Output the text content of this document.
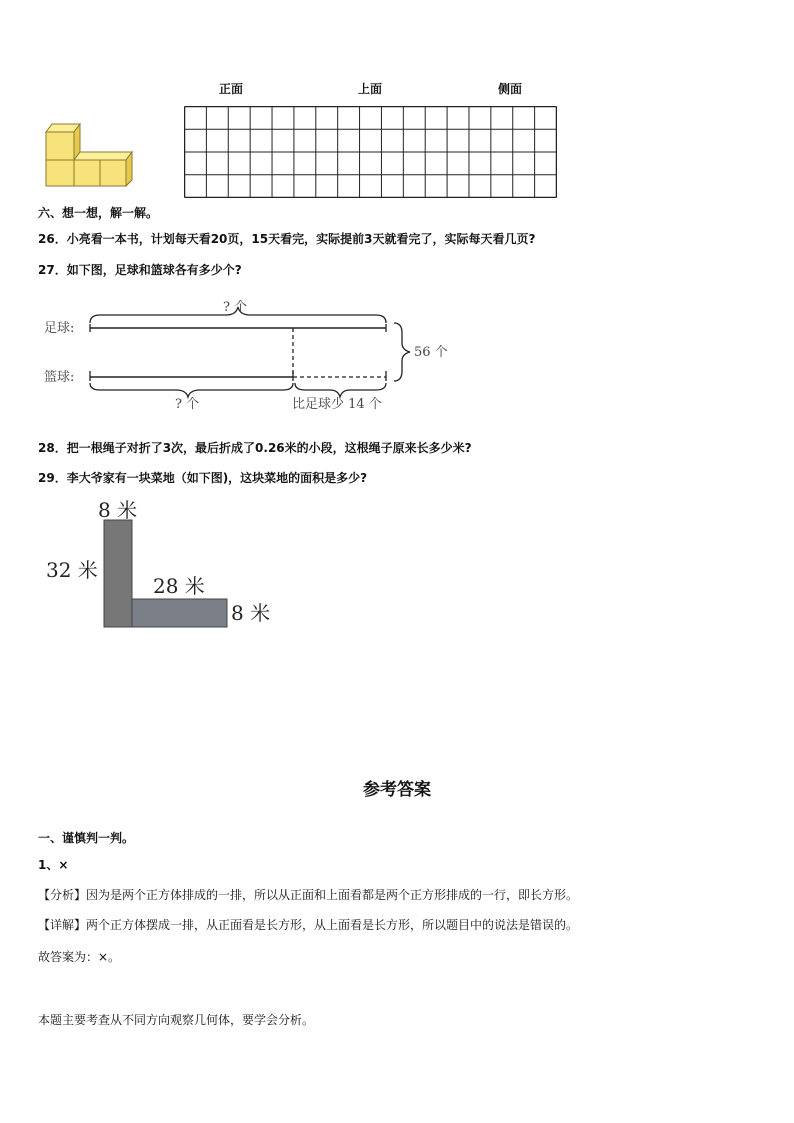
正面	上面	侧面
六、想一想，解一解。
26．小亮看一本书，计划每天看20页，15天看完，实际提前3天就看完了，实际每天看几页?
27．如下图，足球和篮球各有多少个?
足球:
篮球:
? 个
? 个	比足球少 14 个
56 个
28．把一根绳子对折了3次，最后折成了0.26米的小段，这根绳子原来长多少米?
29．李大爷家有一块菜地（如下图)，这块菜地的面积是多少?
8 米
32 米
28 米
8 米
参考答案
一、谨慎判一判。
1、×
【分析】因为是两个正方体排成的一排，所以从正面和上面看都是两个正方形排成的一行，即长方形。
【详解】两个正方体摆成一排，从正面看是长方形，从上面看是长方形，所以题目中的说法是错误的。
故答案为：×。
本题主要考查从不同方向观察几何体，要学会分析。
